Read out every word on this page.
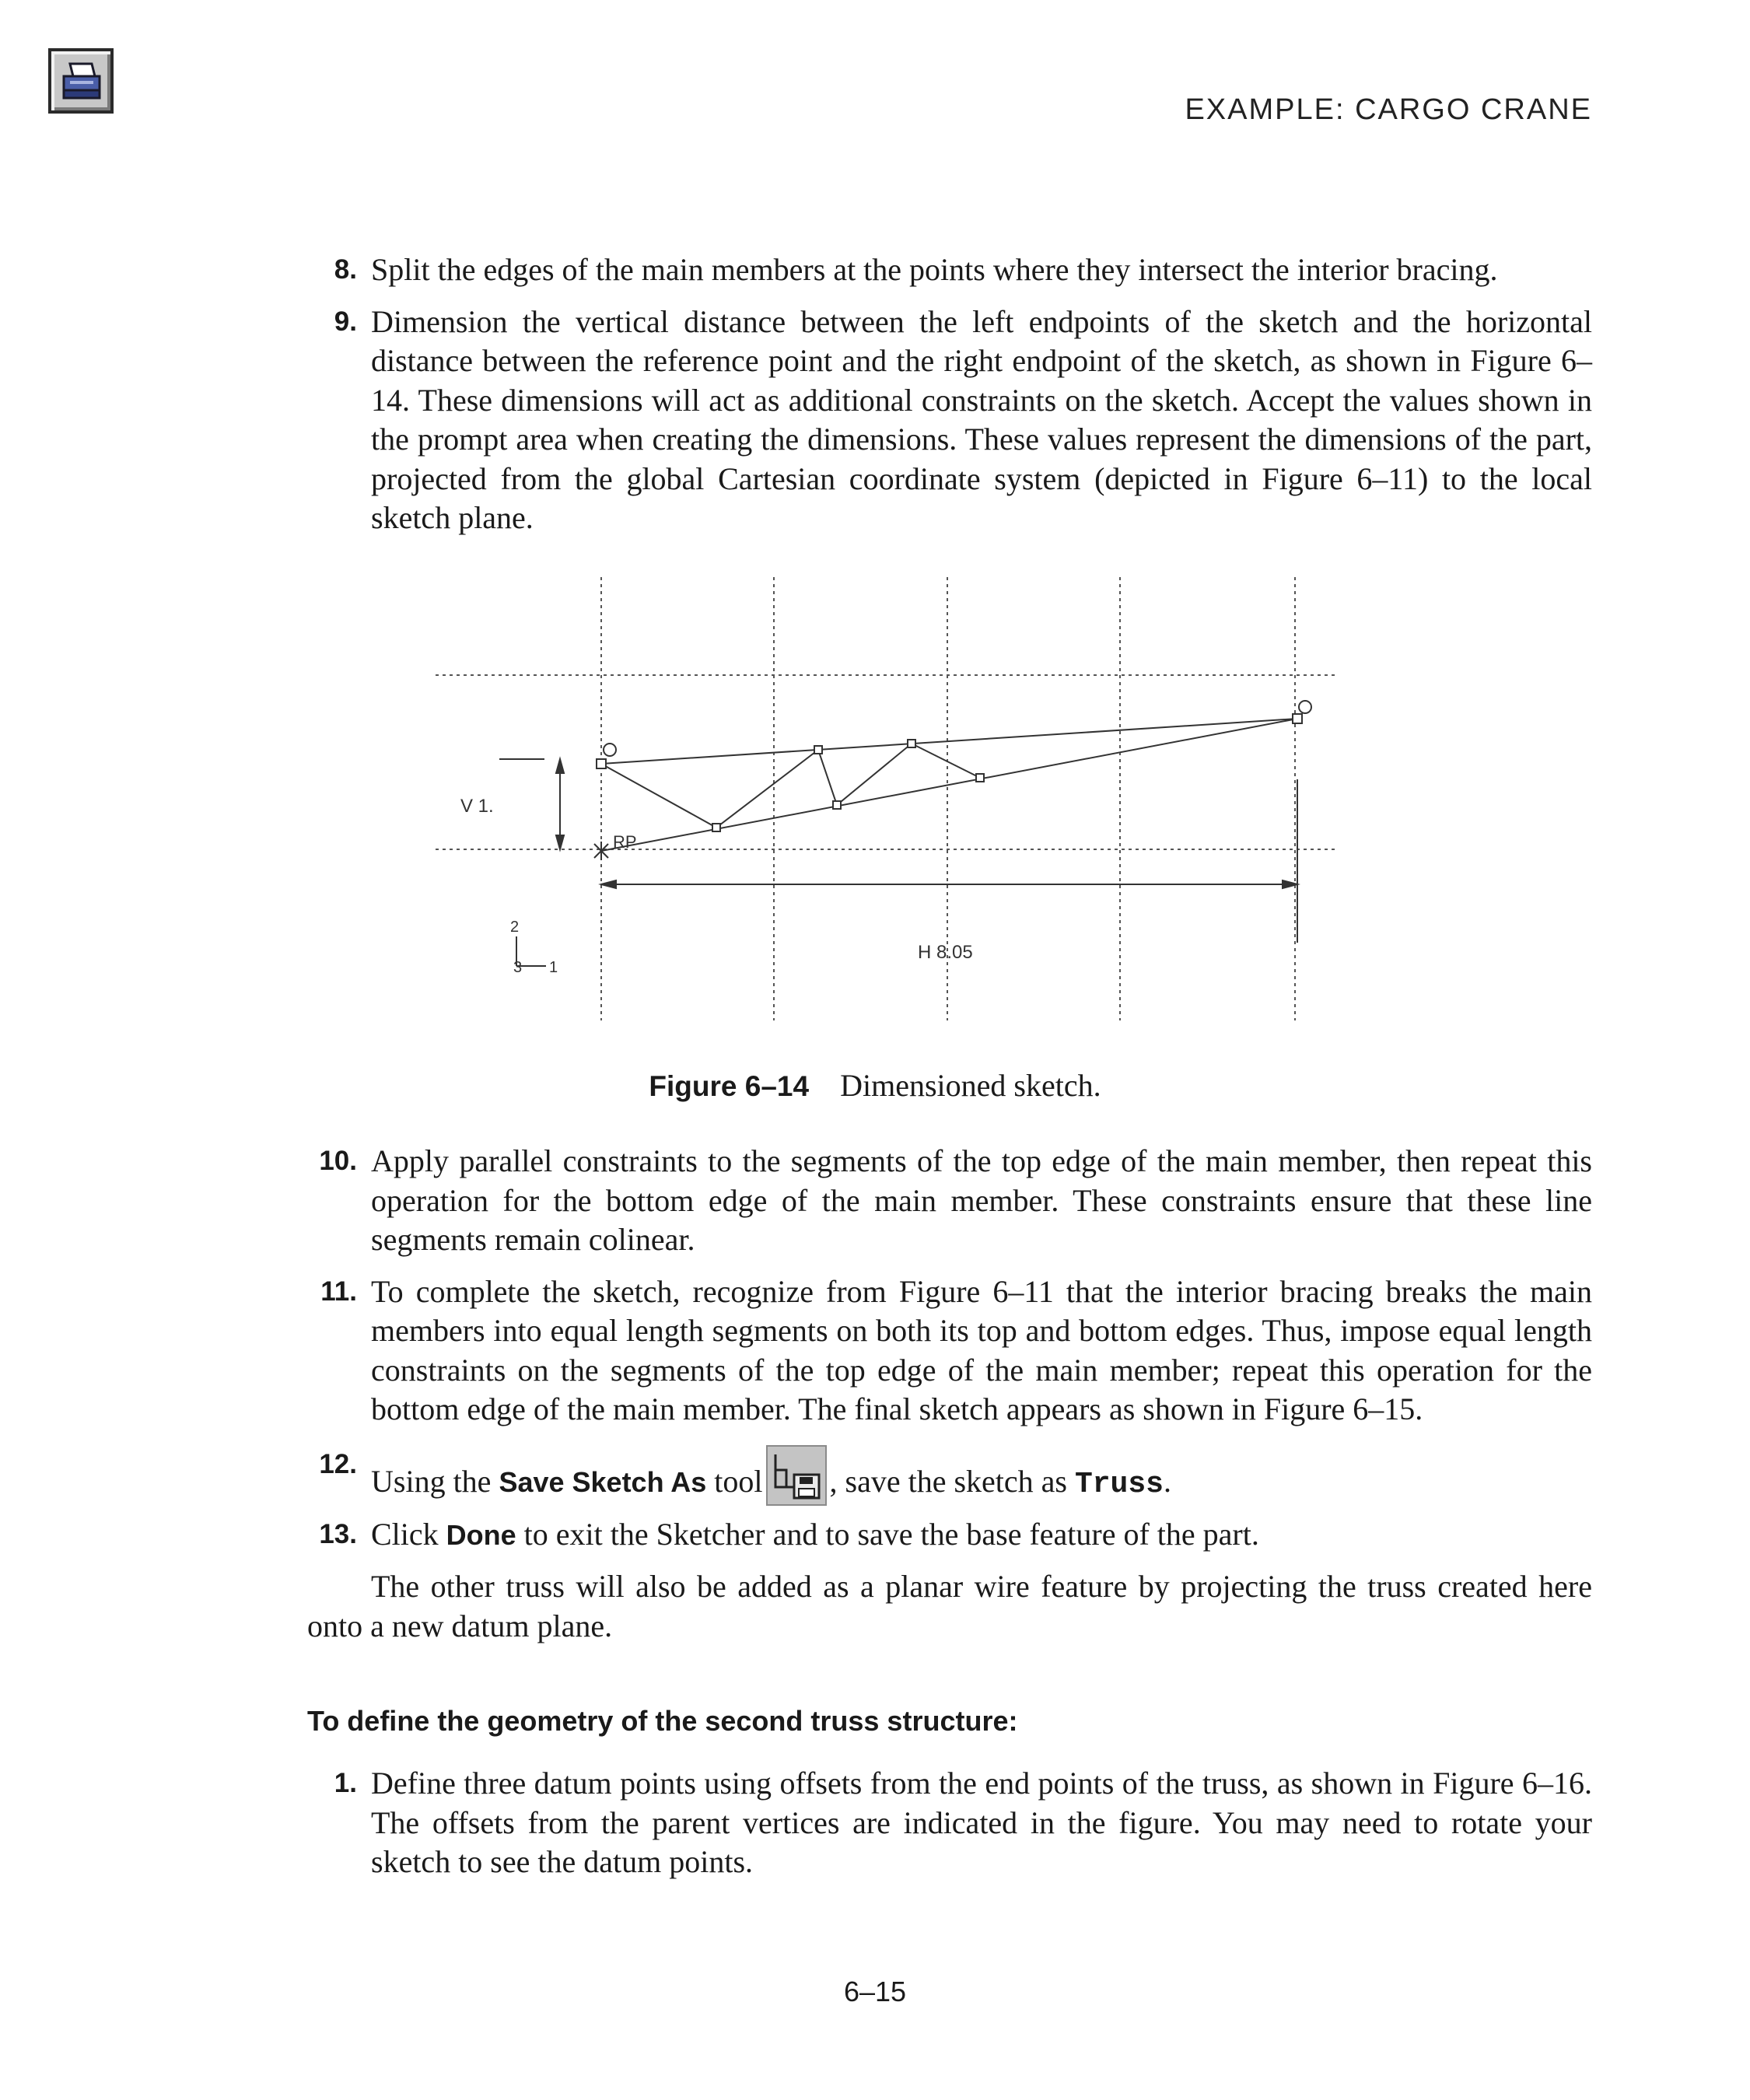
EXAMPLE: CARGO CRANE
8. Split the edges of the main members at the points where they intersect the interior bracing.
9. Dimension the vertical distance between the left endpoints of the sketch and the horizontal distance between the reference point and the right endpoint of the sketch, as shown in Figure 6–14. These dimensions will act as additional constraints on the sketch. Accept the values shown in the prompt area when creating the dimensions. These values represent the dimensions of the part, projected from the global Cartesian coordinate system (depicted in Figure 6–11) to the local sketch plane.
RP
V 1.
H 8.05
2
3 1
Figure 6–14 Dimensioned sketch.
10. Apply parallel constraints to the segments of the top edge of the main member, then repeat this operation for the bottom edge of the main member. These constraints ensure that these line segments remain colinear.
11. To complete the sketch, recognize from Figure 6–11 that the interior bracing breaks the main members into equal length segments on both its top and bottom edges. Thus, impose equal length constraints on the segments of the top edge of the main member; repeat this operation for the bottom edge of the main member. The final sketch appears as shown in Figure 6–15.
12. Using the Save Sketch As tool , save the sketch as Truss.
13. Click Done to exit the Sketcher and to save the base feature of the part.
The other truss will also be added as a planar wire feature by projecting the truss created here onto a new datum plane.
To define the geometry of the second truss structure:
1. Define three datum points using offsets from the end points of the truss, as shown in Figure 6–16. The offsets from the parent vertices are indicated in the figure. You may need to rotate your sketch to see the datum points.
6–15
